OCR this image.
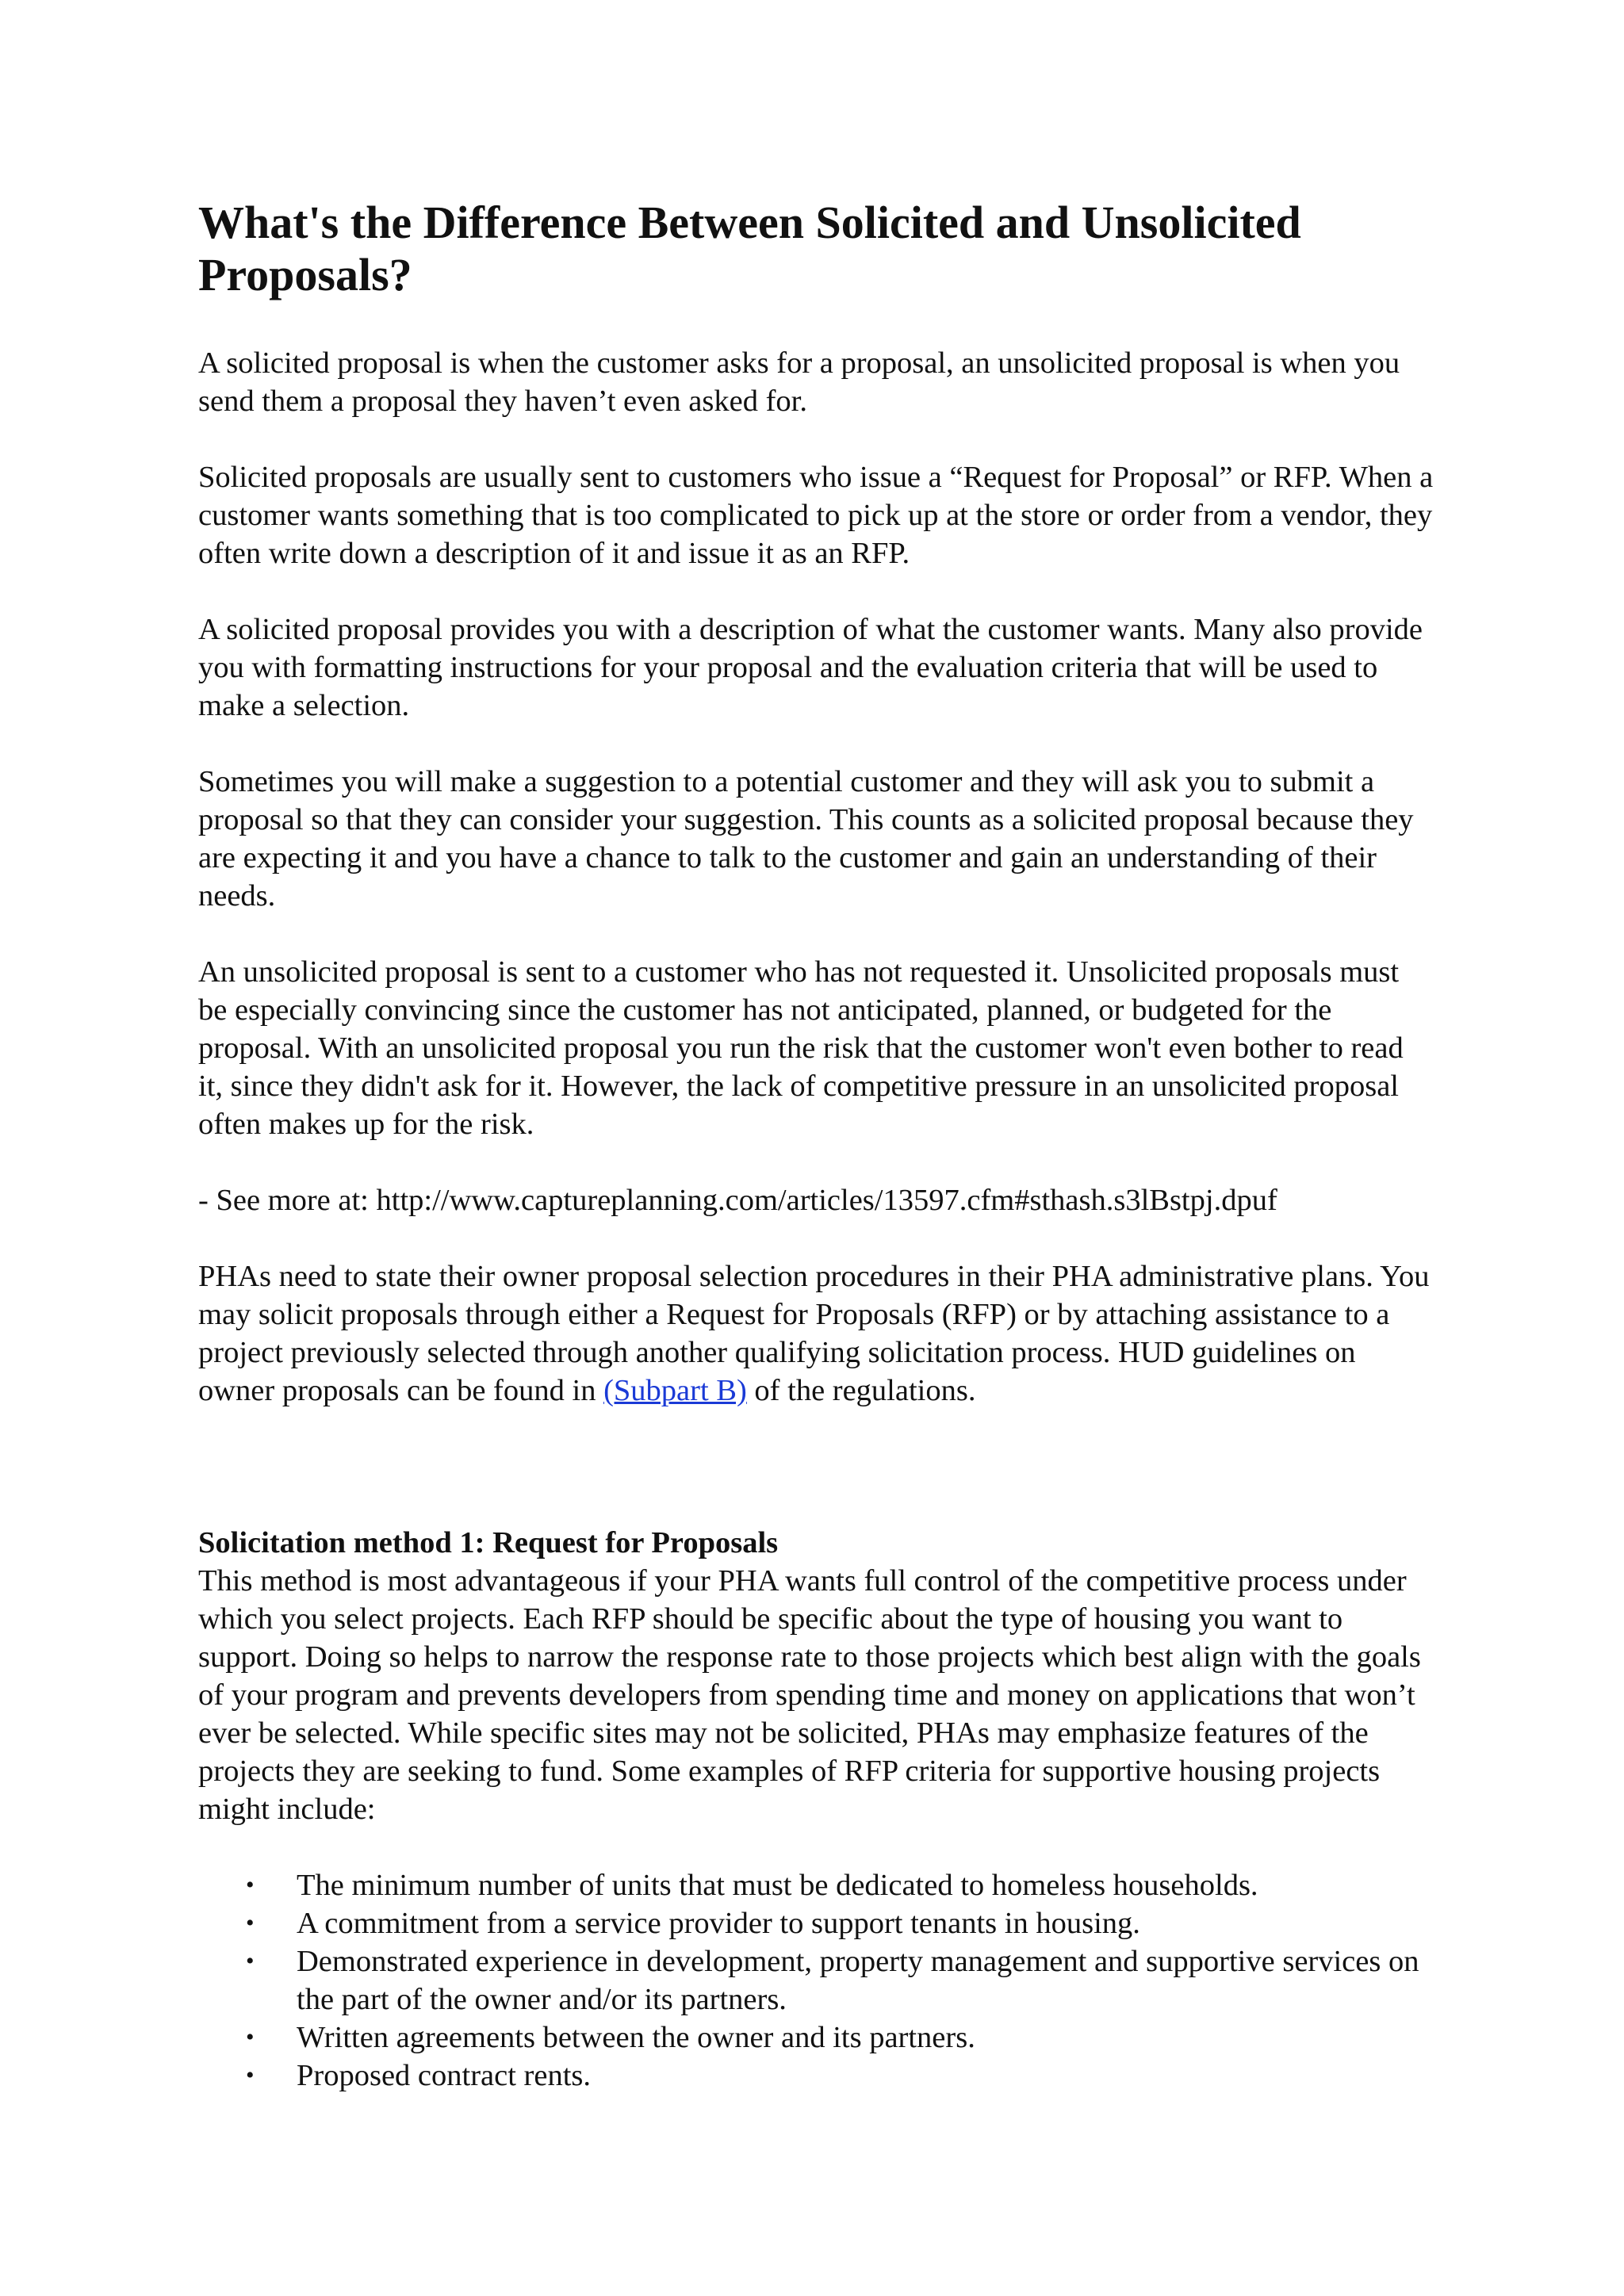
What's the Difference Between Solicited and Unsolicited Proposals?

A solicited proposal is when the customer asks for a proposal, an unsolicited proposal is when you send them a proposal they haven’t even asked for.

Solicited proposals are usually sent to customers who issue a “Request for Proposal” or RFP. When a customer wants something that is too complicated to pick up at the store or order from a vendor, they often write down a description of it and issue it as an RFP.

A solicited proposal provides you with a description of what the customer wants. Many also provide you with formatting instructions for your proposal and the evaluation criteria that will be used to make a selection.

Sometimes you will make a suggestion to a potential customer and they will ask you to submit a proposal so that they can consider your suggestion. This counts as a solicited proposal because they are expecting it and you have a chance to talk to the customer and gain an understanding of their needs.

An unsolicited proposal is sent to a customer who has not requested it. Unsolicited proposals must be especially convincing since the customer has not anticipated, planned, or budgeted for the proposal. With an unsolicited proposal you run the risk that the customer won't even bother to read it, since they didn't ask for it. However, the lack of competitive pressure in an unsolicited proposal often makes up for the risk.

- See more at: http://www.captureplanning.com/articles/13597.cfm#sthash.s3lBstpj.dpuf

PHAs need to state their owner proposal selection procedures in their PHA administrative plans. You may solicit proposals through either a Request for Proposals (RFP) or by attaching assistance to a project previously selected through another qualifying solicitation process. HUD guidelines on owner proposals can be found in (Subpart B) of the regulations.

Solicitation method 1: Request for Proposals

This method is most advantageous if your PHA wants full control of the competitive process under which you select projects. Each RFP should be specific about the type of housing you want to support. Doing so helps to narrow the response rate to those projects which best align with the goals of your program and prevents developers from spending time and money on applications that won’t ever be selected. While specific sites may not be solicited, PHAs may emphasize features of the projects they are seeking to fund. Some examples of RFP criteria for supportive housing projects might include:

• The minimum number of units that must be dedicated to homeless households.
• A commitment from a service provider to support tenants in housing.
• Demonstrated experience in development, property management and supportive services on the part of the owner and/or its partners.
• Written agreements between the owner and its partners.
• Proposed contract rents.
